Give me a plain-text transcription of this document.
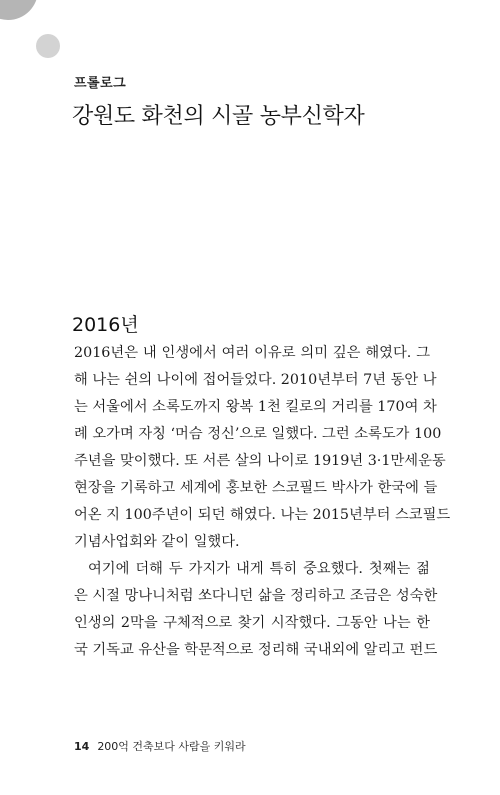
프롤로그
강원도 화천의 시골 농부신학자
2016년
2016년은 내 인생에서 여러 이유로 의미 깊은 해였다. 그
해 나는 쉰의 나이에 접어들었다. 2010년부터 7년 동안 나
는 서울에서 소록도까지 왕복 1천 킬로의 거리를 170여 차
례 오가며 자칭 ‘머슴 정신’으로 일했다. 그런 소록도가 100
주년을 맞이했다. 또 서른 살의 나이로 1919년 3·1만세운동
현장을 기록하고 세계에 홍보한 스코필드 박사가 한국에 들
어온 지 100주년이 되던 해였다. 나는 2015년부터 스코필드
기념사업회와 같이 일했다.
여기에 더해 두 가지가 내게 특히 중요했다. 첫째는 젊
은 시절 망나니처럼 쏘다니던 삶을 정리하고 조금은 성숙한
인생의 2막을 구체적으로 찾기 시작했다. 그동안 나는 한
국 기독교 유산을 학문적으로 정리해 국내외에 알리고 펀드
14 200억 건축보다 사람을 키워라
